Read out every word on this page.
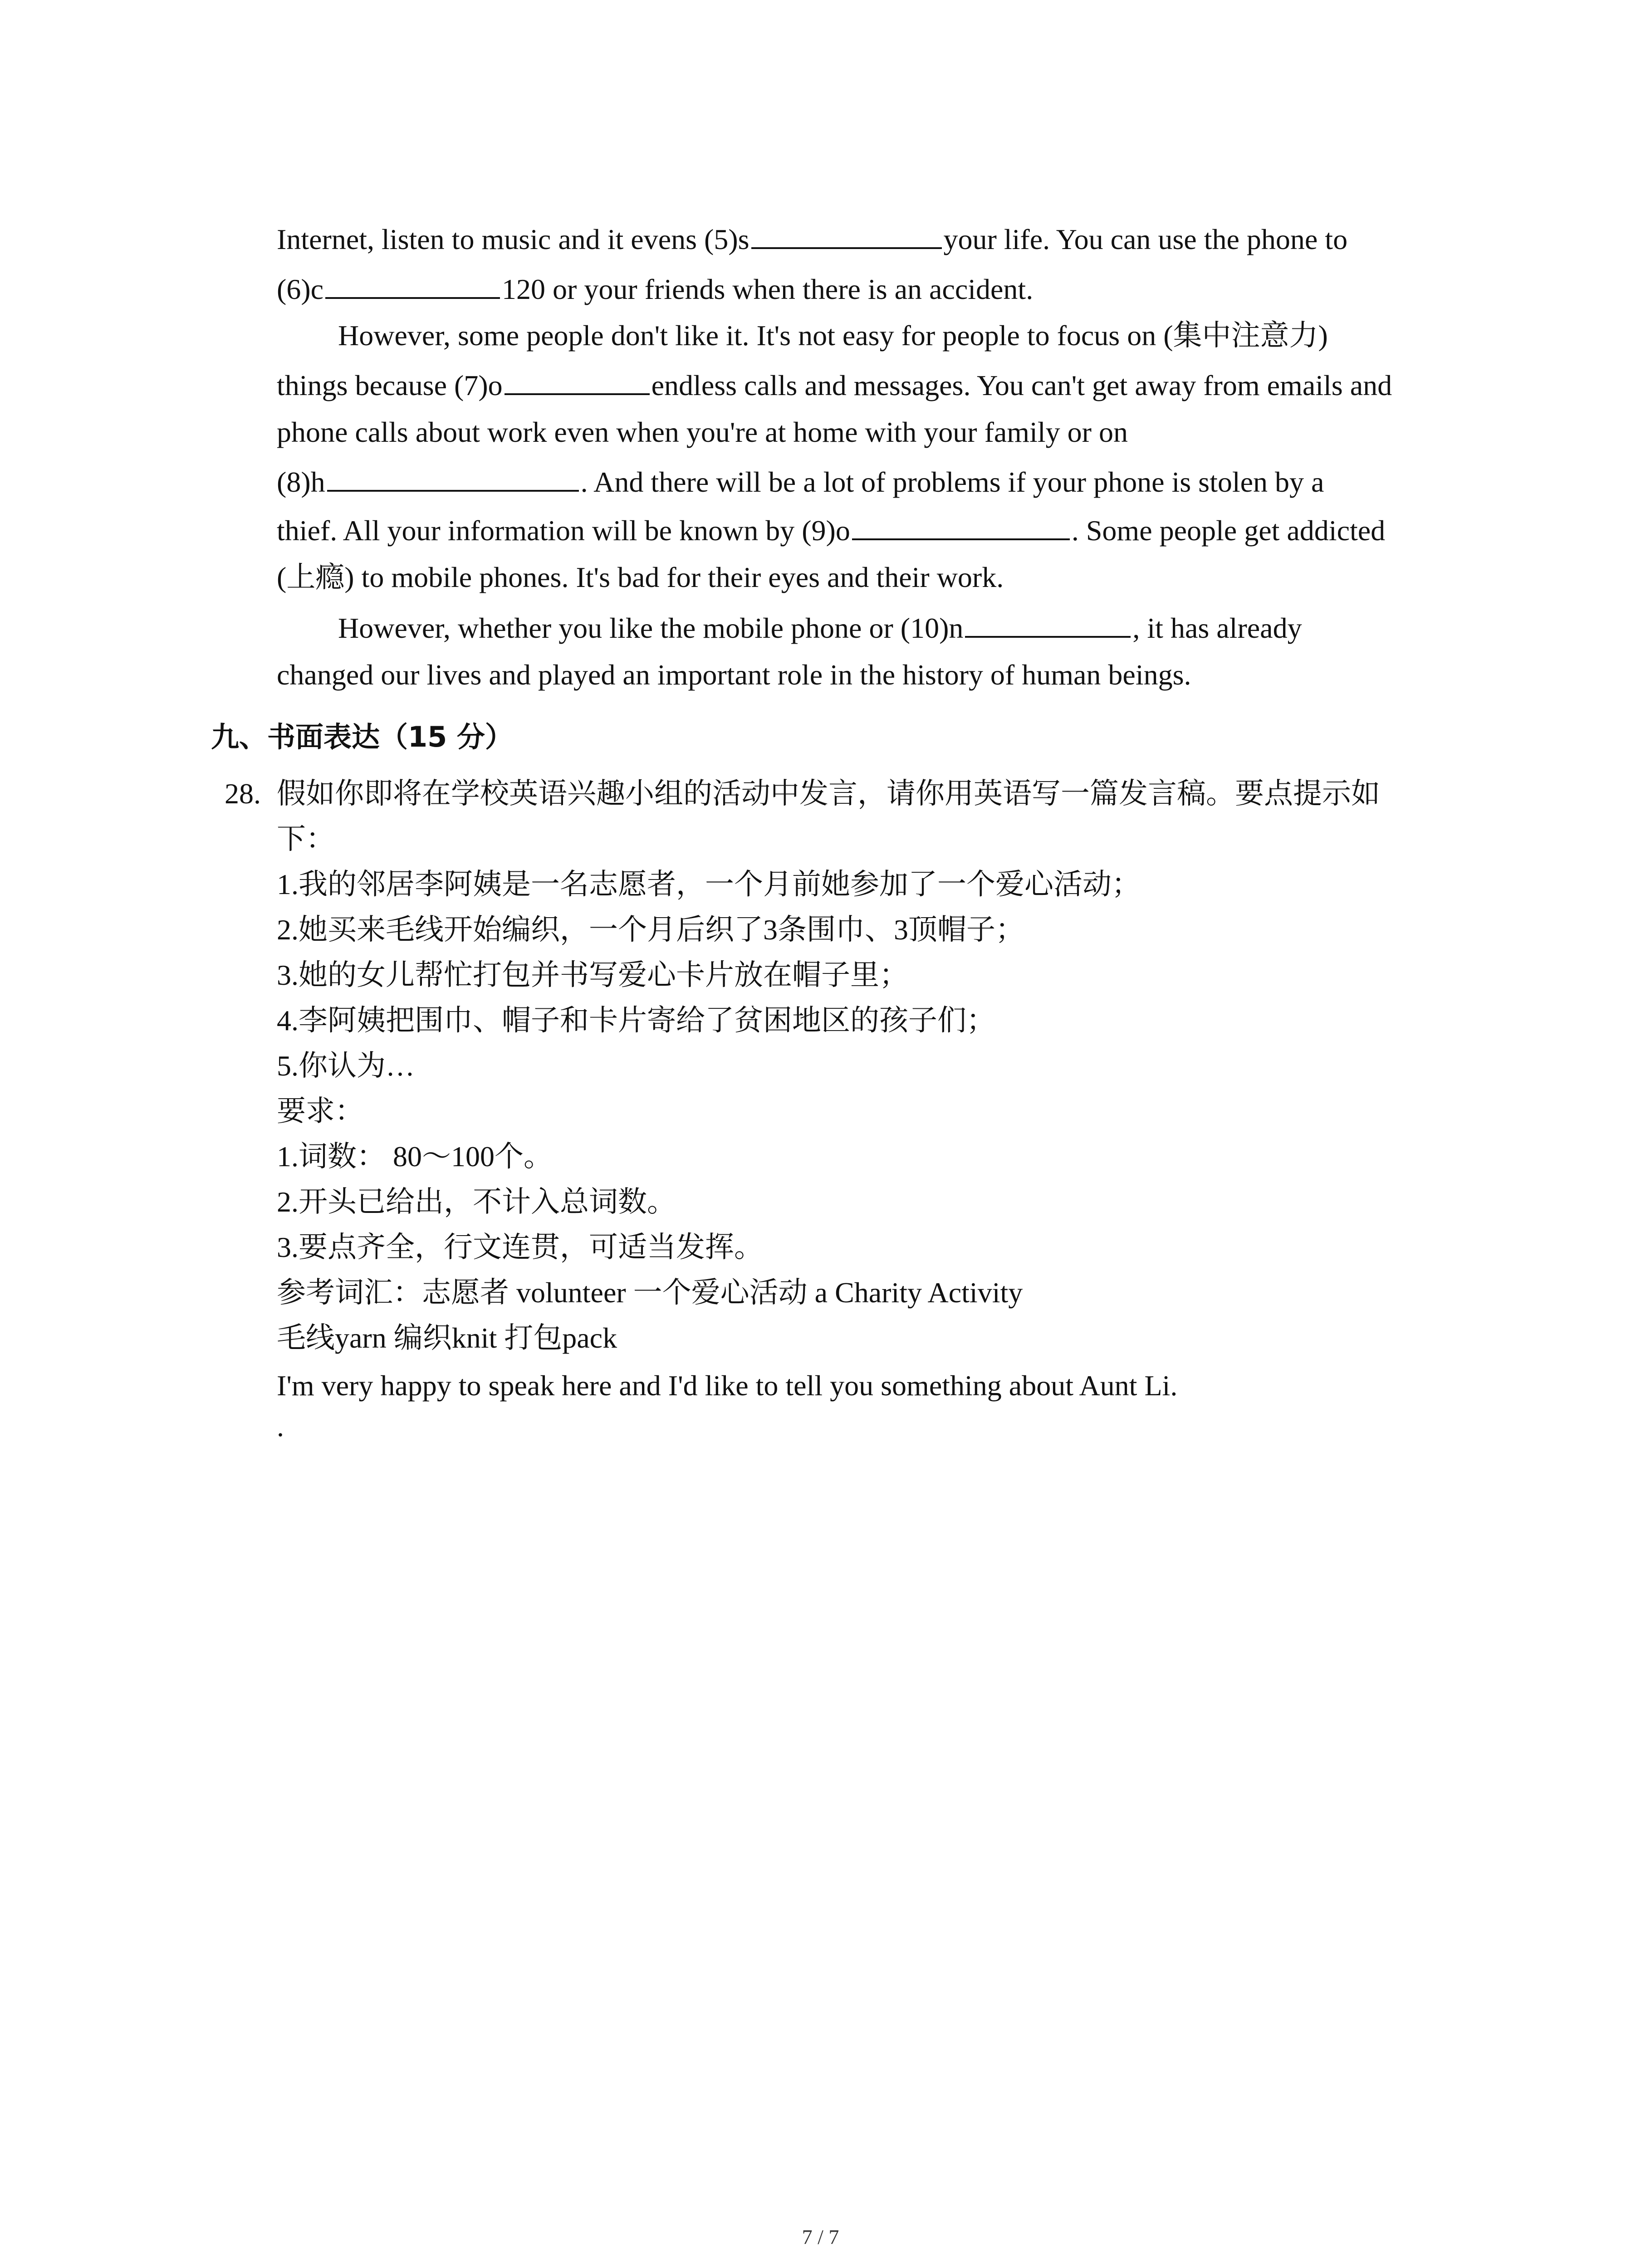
Internet, listen to music and it evens (5)s	your life. You can use the phone to
(6)c	120 or your friends when there is an accident.
However, some people don't like it. It's not easy for people to focus on (集中注意力)
things because (7)o	endless calls and messages. You can't get away from emails and
phone calls about work even when you're at home with your family or on
(8)h	. And there will be a lot of problems if your phone is stolen by a
thief. All your information will be known by (9)o	. Some people get addicted
(上瘾) to mobile phones. It's bad for their eyes and their work.
However, whether you like the mobile phone or (10)n	, it has already
changed our lives and played an important role in the history of human beings.
九、书面表达（15 分）
28. 假如你即将在学校英语兴趣小组的活动中发言，请你用英语写一篇发言稿。要点提示如
下：
1.我的邻居李阿姨是一名志愿者，一个月前她参加了一个爱心活动；
2.她买来毛线开始编织，一个月后织了3条围巾、3顶帽子；
3.她的女儿帮忙打包并书写爱心卡片放在帽子里；
4.李阿姨把围巾、帽子和卡片寄给了贫困地区的孩子们；
5.你认为…
要求：
1.词数： 80～100个。
2.开头已给出，不计入总词数。
3.要点齐全，行文连贯，可适当发挥。
参考词汇：志愿者 volunteer 一个爱心活动 a Charity Activity
毛线yarn 编织knit 打包pack
I'm very happy to speak here and I'd like to tell you something about Aunt Li.
.
7 / 7
